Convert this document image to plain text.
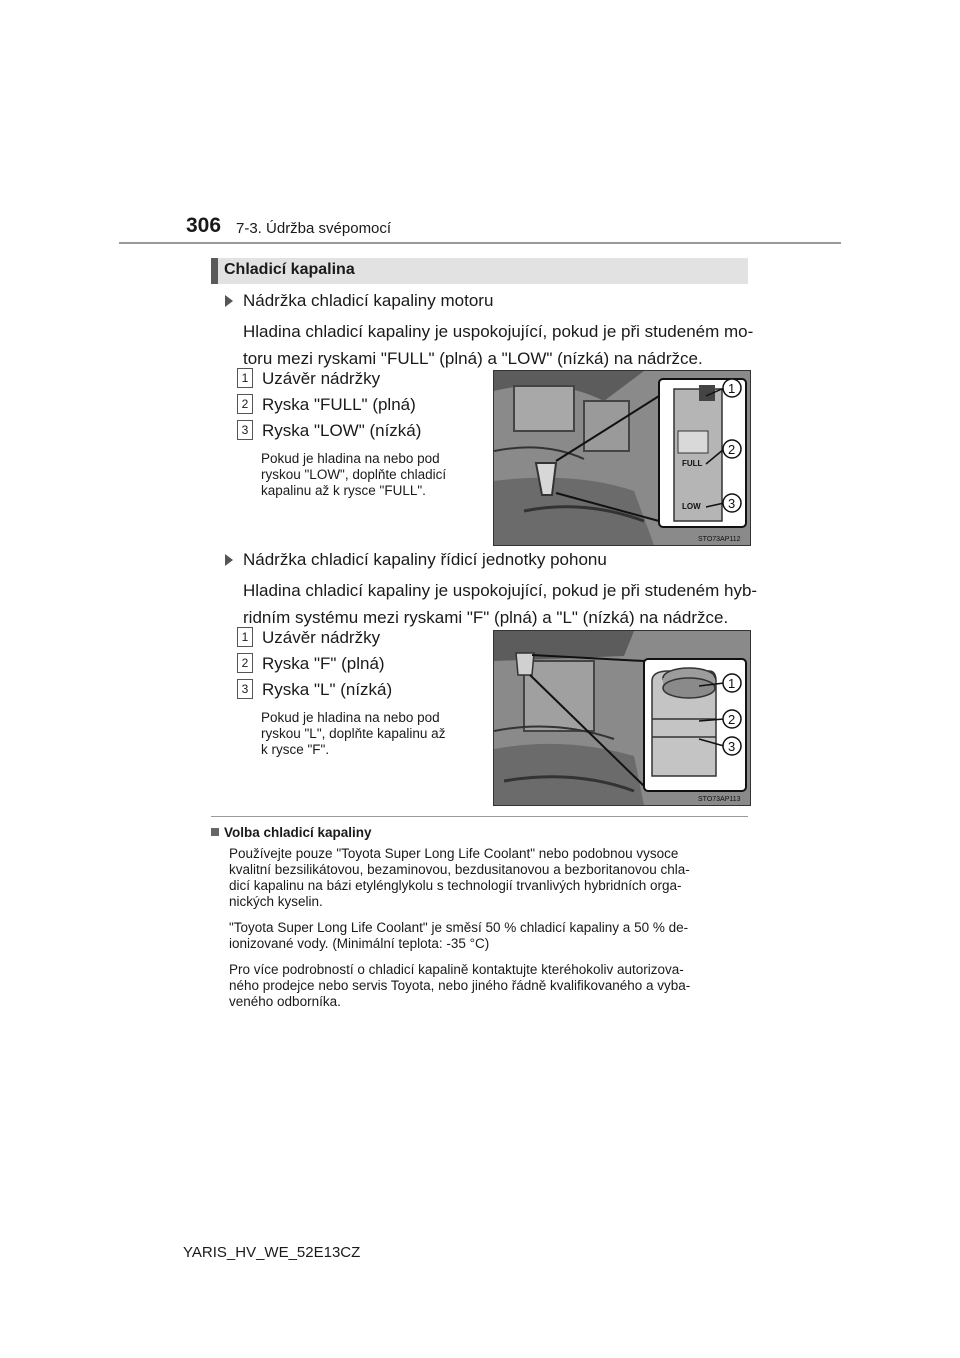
306 7-3. Údržba svépomocí
Chladicí kapalina
Nádržka chladicí kapaliny motoru
Hladina chladicí kapaliny je uspokojující, pokud je při studeném mo-
toru mezi ryskami "FULL" (plná) a "LOW" (nízká) na nádržce.
1 Uzávěr nádržky
2 Ryska "FULL" (plná)
3 Ryska "LOW" (nízká)
Pokud je hladina na nebo pod
ryskou "LOW", doplňte chladicí
kapalinu až k rysce "FULL".
FULL
LOW
1
2
3
STO73AP112
Nádržka chladicí kapaliny řídicí jednotky pohonu
Hladina chladicí kapaliny je uspokojující, pokud je při studeném hyb-
ridním systému mezi ryskami "F" (plná) a "L" (nízká) na nádržce.
1 Uzávěr nádržky
2 Ryska "F" (plná)
3 Ryska "L" (nízká)
Pokud je hladina na nebo pod
ryskou "L", doplňte kapalinu až
k rysce "F".
1
2
3
STO73AP113
Volba chladicí kapaliny
Používejte pouze "Toyota Super Long Life Coolant" nebo podobnou vysoce
kvalitní bezsilikátovou, bezaminovou, bezdusitanovou a bezboritanovou chla-
dicí kapalinu na bázi etylénglykolu s technologií trvanlivých hybridních orga-
nických kyselin.
"Toyota Super Long Life Coolant" je směsí 50 % chladicí kapaliny a 50 % de-
ionizované vody. (Minimální teplota: -35 °C)
Pro více podrobností o chladicí kapalině kontaktujte kteréhokoliv autorizova-
ného prodejce nebo servis Toyota, nebo jiného řádně kvalifikovaného a vyba-
veného odborníka.
YARIS_HV_WE_52E13CZ
